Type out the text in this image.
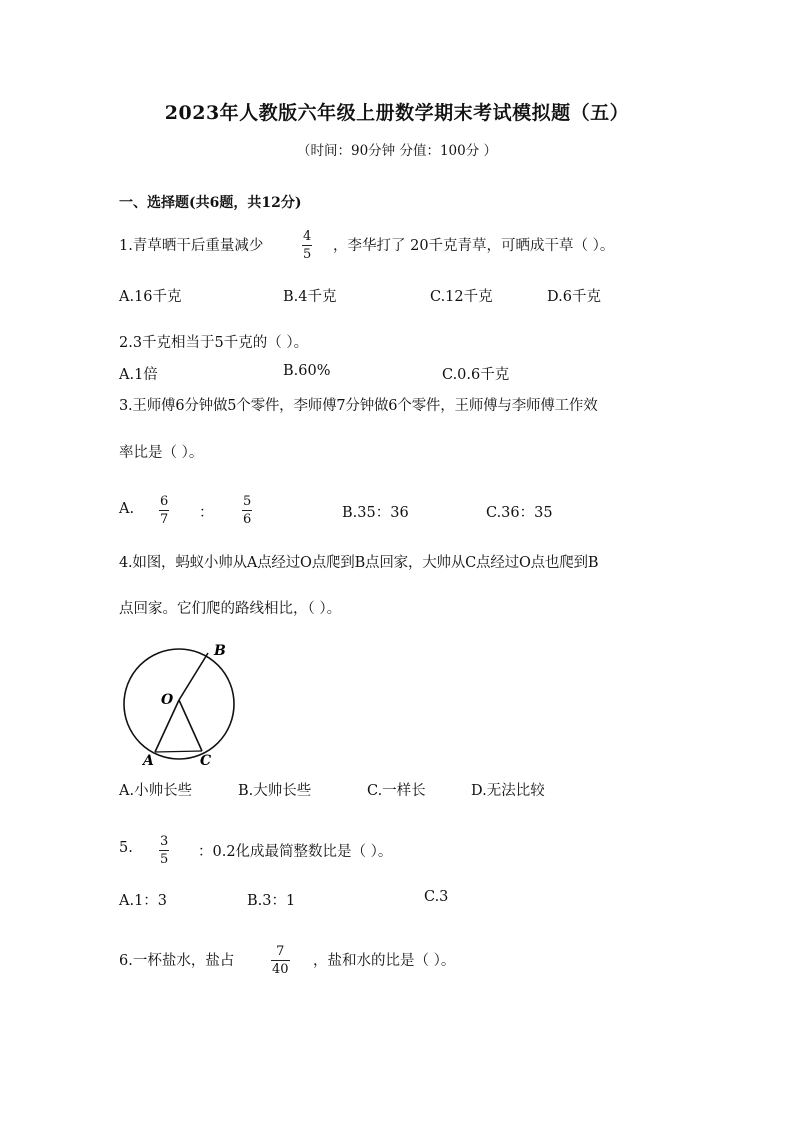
2023年人教版六年级上册数学期末考试模拟题（五）
（时间：90分钟 分值：100分 ）
一、选择题(共6题，共12分)
1.青草晒干后重量减少
4
5
，李华打了 20千克青草，可晒成干草（ ）。
A.16千克	B.4千克	C.12千克	D.6千克
2.3千克相当于5千克的（ ）。
A.1倍	B.60%	C.0.6千克
3.王师傅6分钟做5个零件，李师傅7分钟做6个零件，王师傅与李师傅工作效
率比是（ ）。
A. 6
7 ：
5
6	B.35：36	C.36：35
4.如图，蚂蚁小帅从A点经过O点爬到B点回家，大帅从C点经过O点也爬到B
点回家。它们爬的路线相比，（ ）。
B
O
A	C
A.小帅长些	B.大帅长些	C.一样长	D.无法比较
5. 3
5 ：0.2化成最简整数比是（ ）。
A.1：3	B.3：1	C.3
6.一杯盐水，盐占
7
40
，盐和水的比是（ ）。
